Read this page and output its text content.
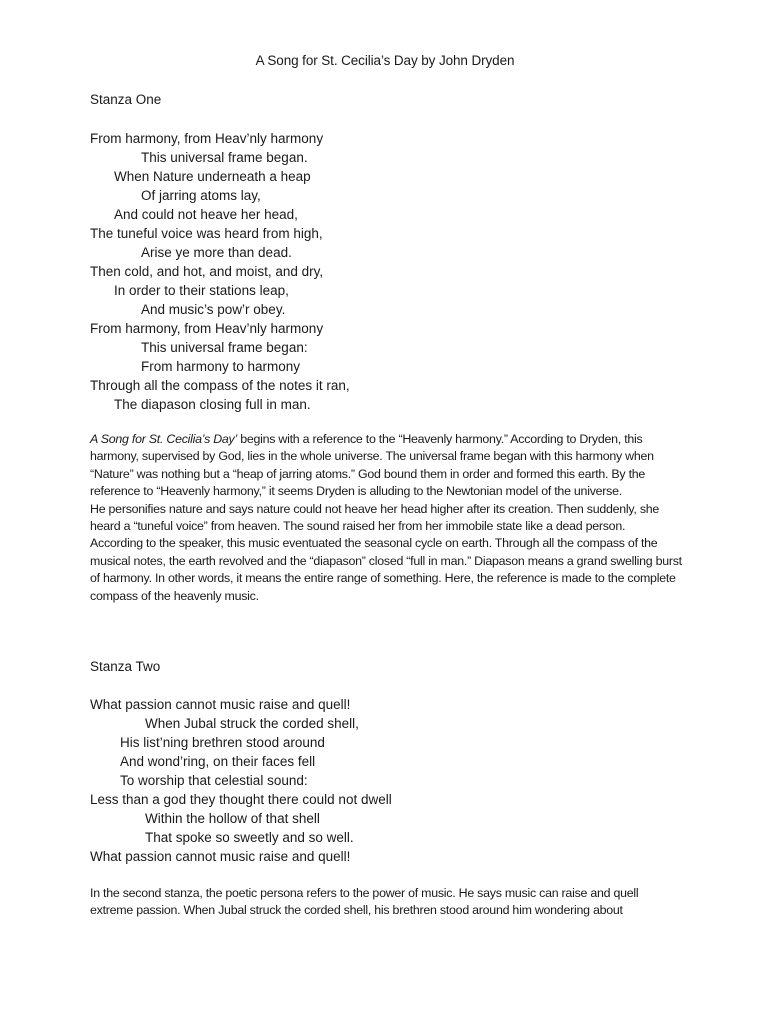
A Song for St. Cecilia’s Day by John Dryden
Stanza One
From harmony, from Heav’nly harmony
This universal frame began.
When Nature underneath a heap
Of jarring atoms lay,
And could not heave her head,
The tuneful voice was heard from high,
Arise ye more than dead.
Then cold, and hot, and moist, and dry,
In order to their stations leap,
And music’s pow’r obey.
From harmony, from Heav’nly harmony
This universal frame began:
From harmony to harmony
Through all the compass of the notes it ran,
The diapason closing full in man.

A Song for St. Cecilia’s Day’ begins with a reference to the “Heavenly harmony.” According to Dryden, this harmony, supervised by God, lies in the whole universe. The universal frame began with this harmony when “Nature” was nothing but a “heap of jarring atoms.” God bound them in order and formed this earth. By the reference to “Heavenly harmony,” it seems Dryden is alluding to the Newtonian model of the universe.

He personifies nature and says nature could not heave her head higher after its creation. Then suddenly, she heard a “tuneful voice” from heaven. The sound raised her from her immobile state like a dead person.

According to the speaker, this music eventuated the seasonal cycle on earth. Through all the compass of the musical notes, the earth revolved and the “diapason” closed “full in man.” Diapason means a grand swelling burst of harmony. In other words, it means the entire range of something. Here, the reference is made to the complete compass of the heavenly music.

Stanza Two
What passion cannot music raise and quell!
When Jubal struck the corded shell,
His list’ning brethren stood around
And wond’ring, on their faces fell
To worship that celestial sound:
Less than a god they thought there could not dwell
Within the hollow of that shell
That spoke so sweetly and so well.
What passion cannot music raise and quell!

In the second stanza, the poetic persona refers to the power of music. He says music can raise and quell extreme passion. When Jubal struck the corded shell, his brethren stood around him wondering about
